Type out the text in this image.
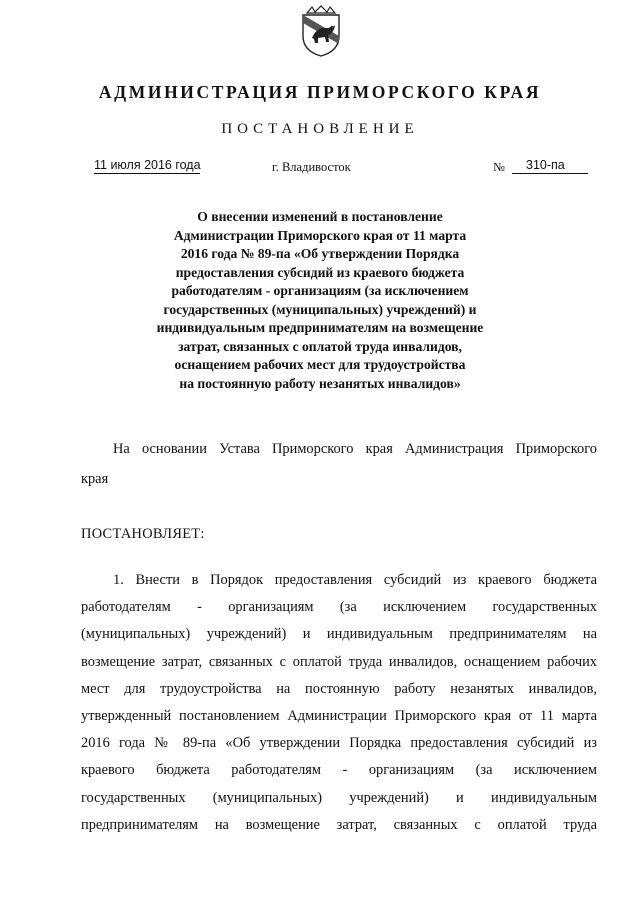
АДМИНИСТРАЦИЯ ПРИМОРСКОГО КРАЯ
ПОСТАНОВЛЕНИЕ
11 июля 2016 года	г. Владивосток	№	310-па
О внесении изменений в постановление
Администрации Приморского края от 11 марта
2016 года № 89-па «Об утверждении Порядка
предоставления субсидий из краевого бюджета
работодателям - организациям (за исключением
государственных (муниципальных) учреждений) и
индивидуальным предпринимателям на возмещение
затрат, связанных с оплатой труда инвалидов,
оснащением рабочих мест для трудоустройства
на постоянную работу незанятых инвалидов»
На основании Устава Приморского края Администрация Приморского
края
ПОСТАНОВЛЯЕТ:
1. Внести в Порядок предоставления субсидий из краевого бюджета
работодателям - организациям (за исключением государственных
(муниципальных) учреждений) и индивидуальным предпринимателям на
возмещение затрат, связанных с оплатой труда инвалидов, оснащением рабочих
мест для трудоустройства на постоянную работу незанятых инвалидов,
утвержденный постановлением Администрации Приморского края от 11 марта
2016 года № 89-па «Об утверждении Порядка предоставления субсидий из
краевого бюджета работодателям - организациям (за исключением
государственных (муниципальных) учреждений) и индивидуальным
предпринимателям на возмещение затрат, связанных с оплатой труда
